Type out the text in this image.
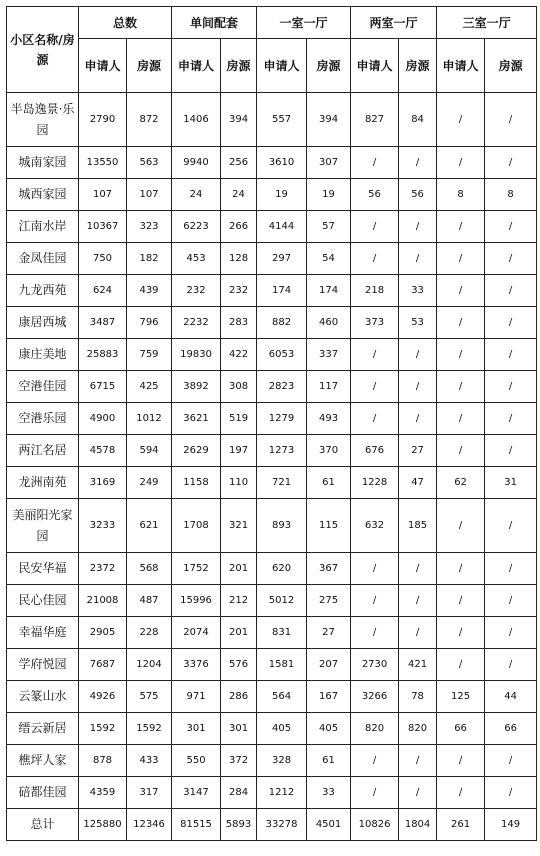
小区名称/房源	总数		单间配套		一室一厅		两室一厅		三室一厅	
	申请人	房源	申请人	房源	申请人	房源	申请人	房源	申请人	房源
半岛逸景·乐园	2790	872	1406	394	557	394	827	84	/	/
城南家园	13550	563	9940	256	3610	307	/	/	/	/
城西家园	107	107	24	24	19	19	56	56	8	8
江南水岸	10367	323	6223	266	4144	57	/	/	/	/
金凤佳园	750	182	453	128	297	54	/	/	/	/
九龙西苑	624	439	232	232	174	174	218	33	/	/
康居西城	3487	796	2232	283	882	460	373	53	/	/
康庄美地	25883	759	19830	422	6053	337	/	/	/	/
空港佳园	6715	425	3892	308	2823	117	/	/	/	/
空港乐园	4900	1012	3621	519	1279	493	/	/	/	/
两江名居	4578	594	2629	197	1273	370	676	27	/	/
龙洲南苑	3169	249	1158	110	721	61	1228	47	62	31
美丽阳光家园	3233	621	1708	321	893	115	632	185	/	/
民安华福	2372	568	1752	201	620	367	/	/	/	/
民心佳园	21008	487	15996	212	5012	275	/	/	/	/
幸福华庭	2905	228	2074	201	831	27	/	/	/	/
学府悦园	7687	1204	3376	576	1581	207	2730	421	/	/
云篆山水	4926	575	971	286	564	167	3266	78	125	44
缙云新居	1592	1592	301	301	405	405	820	820	66	66
樵坪人家	878	433	550	372	328	61	/	/	/	/
碚都佳园	4359	317	3147	284	1212	33	/	/	/	/
总计	125880	12346	81515	5893	33278	4501	10826	1804	261	149
